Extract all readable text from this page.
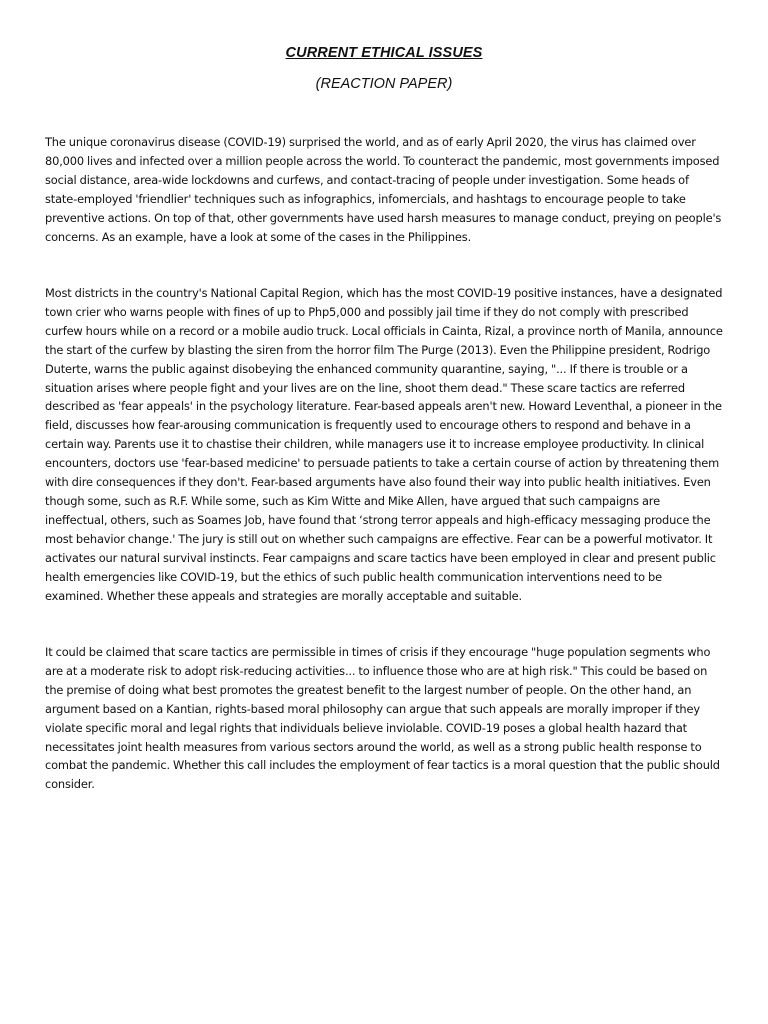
CURRENT ETHICAL ISSUES
(REACTION PAPER)

The unique coronavirus disease (COVID-19) surprised the world, and as of early April 2020, the virus has claimed over 80,000 lives and infected over a million people across the world. To counteract the pandemic, most governments imposed social distance, area-wide lockdowns and curfews, and contact-tracing of people under investigation. Some heads of state-employed 'friendlier' techniques such as infographics, infomercials, and hashtags to encourage people to take preventive actions. On top of that, other governments have used harsh measures to manage conduct, preying on people's concerns. As an example, have a look at some of the cases in the Philippines.

Most districts in the country's National Capital Region, which has the most COVID-19 positive instances, have a designated town crier who warns people with fines of up to Php5,000 and possibly jail time if they do not comply with prescribed curfew hours while on a record or a mobile audio truck. Local officials in Cainta, Rizal, a province north of Manila, announce the start of the curfew by blasting the siren from the horror film The Purge (2013). Even the Philippine president, Rodrigo Duterte, warns the public against disobeying the enhanced community quarantine, saying, "... If there is trouble or a situation arises where people fight and your lives are on the line, shoot them dead." These scare tactics are referred described as 'fear appeals' in the psychology literature. Fear-based appeals aren't new. Howard Leventhal, a pioneer in the field, discusses how fear-arousing communication is frequently used to encourage others to respond and behave in a certain way. Parents use it to chastise their children, while managers use it to increase employee productivity. In clinical encounters, doctors use 'fear-based medicine' to persuade patients to take a certain course of action by threatening them with dire consequences if they don't. Fear-based arguments have also found their way into public health initiatives. Even though some, such as R.F. While some, such as Kim Witte and Mike Allen, have argued that such campaigns are ineffectual, others, such as Soames Job, have found that ‘strong terror appeals and high-efficacy messaging produce the most behavior change.' The jury is still out on whether such campaigns are effective. Fear can be a powerful motivator. It activates our natural survival instincts. Fear campaigns and scare tactics have been employed in clear and present public health emergencies like COVID-19, but the ethics of such public health communication interventions need to be examined. Whether these appeals and strategies are morally acceptable and suitable.

It could be claimed that scare tactics are permissible in times of crisis if they encourage "huge population segments who are at a moderate risk to adopt risk-reducing activities... to influence those who are at high risk." This could be based on the premise of doing what best promotes the greatest benefit to the largest number of people. On the other hand, an argument based on a Kantian, rights-based moral philosophy can argue that such appeals are morally improper if they violate specific moral and legal rights that individuals believe inviolable. COVID-19 poses a global health hazard that necessitates joint health measures from various sectors around the world, as well as a strong public health response to combat the pandemic. Whether this call includes the employment of fear tactics is a moral question that the public should consider.
